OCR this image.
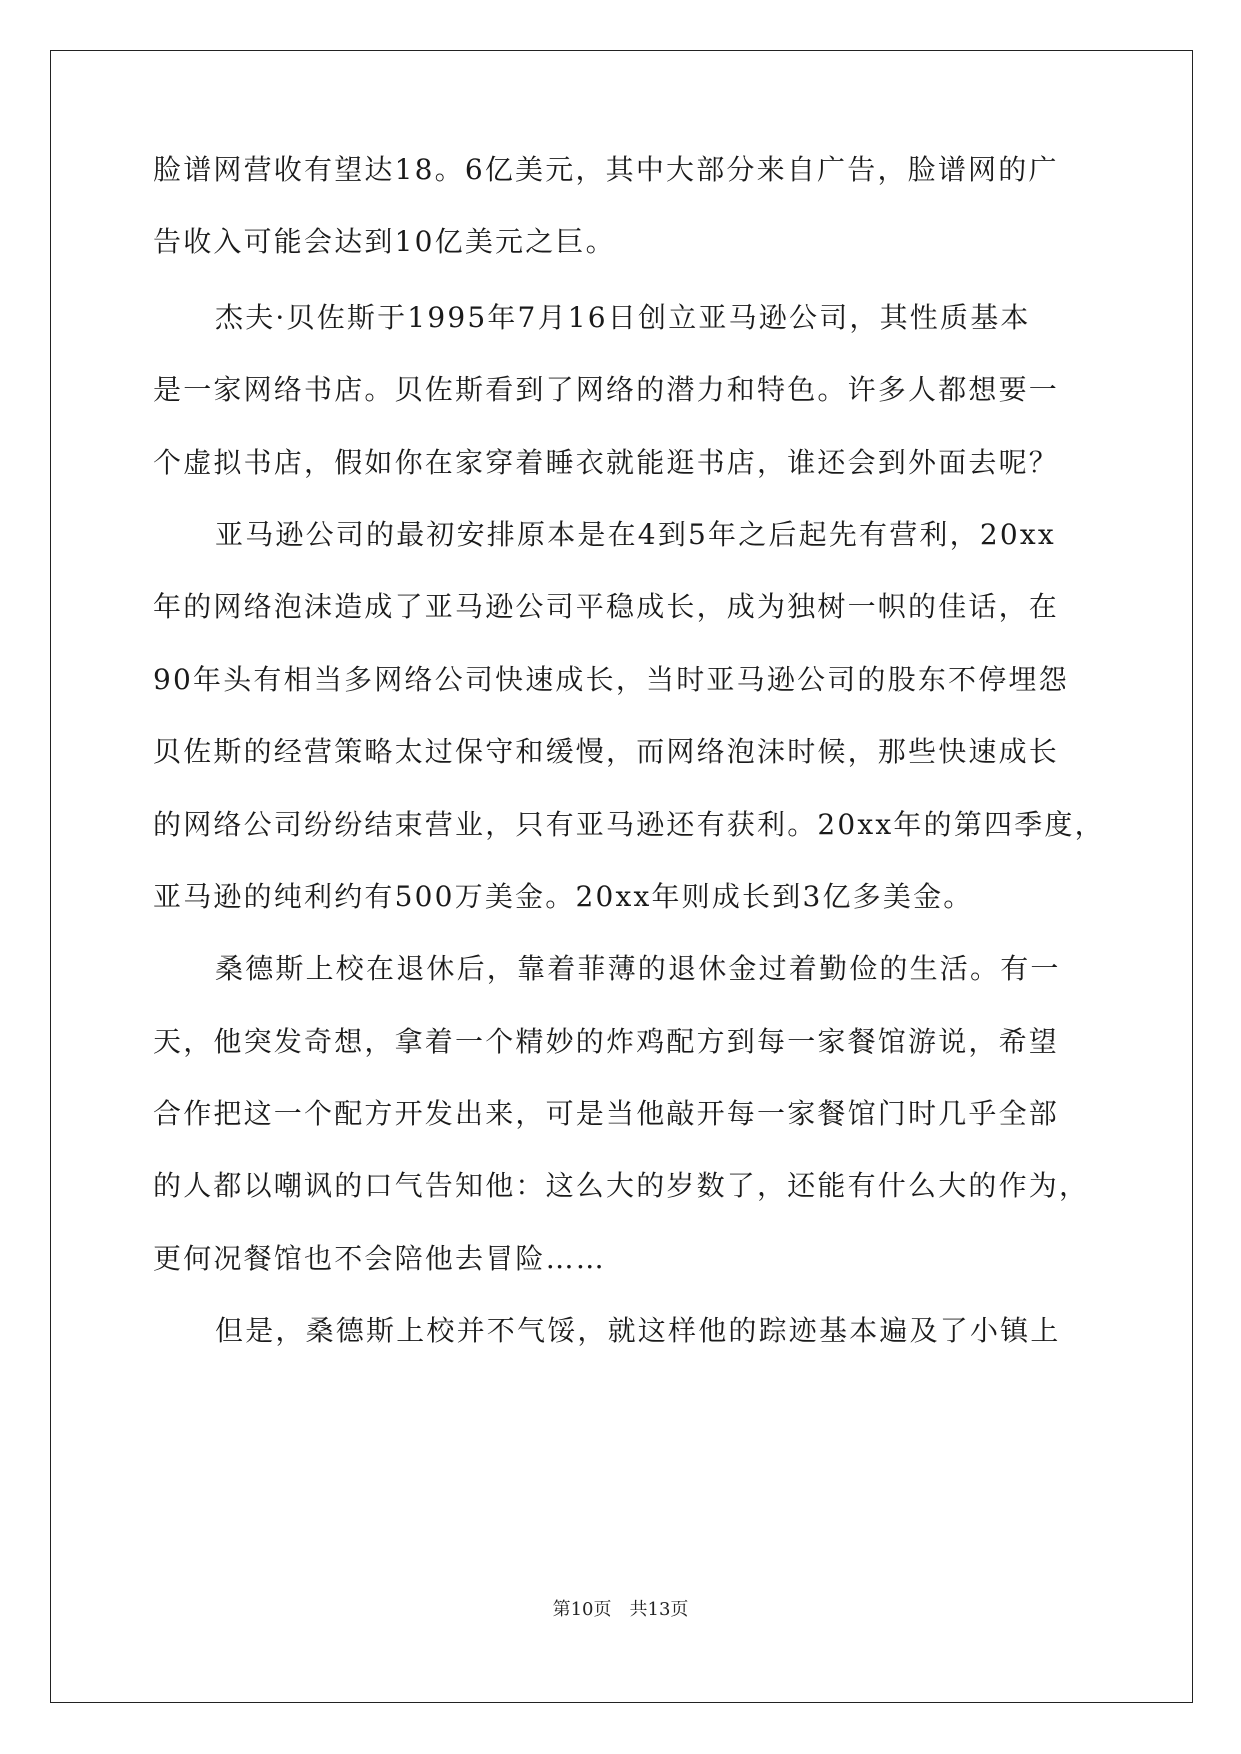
脸谱网营收有望达18。6亿美元，其中大部分来自广告，脸谱网的广
告收入可能会达到10亿美元之巨。
杰夫·贝佐斯于1995年7月16日创立亚马逊公司，其性质基本
是一家网络书店。贝佐斯看到了网络的潜力和特色。许多人都想要一
个虚拟书店，假如你在家穿着睡衣就能逛书店，谁还会到外面去呢？
亚马逊公司的最初安排原本是在4到5年之后起先有营利，20xx
年的网络泡沫造成了亚马逊公司平稳成长，成为独树一帜的佳话，在
90年头有相当多网络公司快速成长，当时亚马逊公司的股东不停埋怨
贝佐斯的经营策略太过保守和缓慢，而网络泡沫时候，那些快速成长
的网络公司纷纷结束营业，只有亚马逊还有获利。20xx年的第四季度，
亚马逊的纯利约有500万美金。20xx年则成长到3亿多美金。
桑德斯上校在退休后，靠着菲薄的退休金过着勤俭的生活。有一
天，他突发奇想，拿着一个精妙的炸鸡配方到每一家餐馆游说，希望
合作把这一个配方开发出来，可是当他敲开每一家餐馆门时几乎全部
的人都以嘲讽的口气告知他：这么大的岁数了，还能有什么大的作为，
更何况餐馆也不会陪他去冒险……
但是，桑德斯上校并不气馁，就这样他的踪迹基本遍及了小镇上
第10页 共13页
